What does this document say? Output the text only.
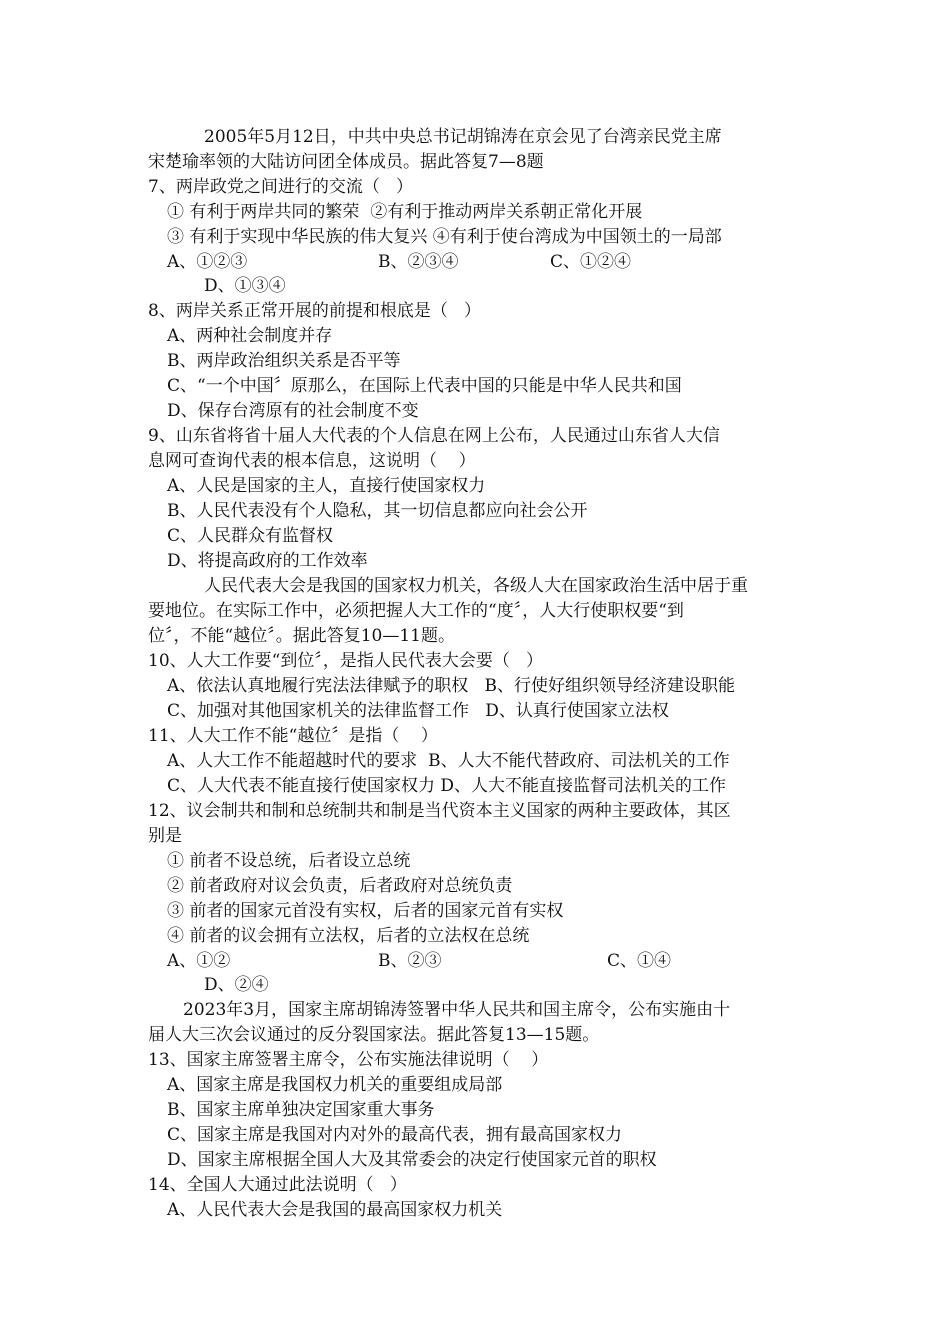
2005年5月12日，中共中央总书记胡锦涛在京会见了台湾亲民党主席
宋楚瑜率领的大陆访问团全体成员。据此答复7—8题
7、两岸政党之间进行的交流（   ）
① 有利于两岸共同的繁荣  ②有利于推动两岸关系朝正常化开展
③ 有利于实现中华民族的伟大复兴 ④有利于使台湾成为中国领土的一局部
A、①②③	B、②③④	C、①②④
D、①③④
8、两岸关系正常开展的前提和根底是（   ）
A、两种社会制度并存
B、两岸政治组织关系是否平等
C、“一个中国〞原那么，在国际上代表中国的只能是中华人民共和国
D、保存台湾原有的社会制度不变
9、山东省将省十届人大代表的个人信息在网上公布，人民通过山东省人大信
息网可查询代表的根本信息，这说明（    ）
A、人民是国家的主人，直接行使国家权力
B、人民代表没有个人隐私，其一切信息都应向社会公开
C、人民群众有监督权
D、将提高政府的工作效率
人民代表大会是我国的国家权力机关，各级人大在国家政治生活中居于重
要地位。在实际工作中，必须把握人大工作的“度〞，人大行使职权要“到
位〞，不能“越位〞。据此答复10—11题。
10、人大工作要“到位〞，是指人民代表大会要（   ）
A、依法认真地履行宪法法律赋予的职权   B、行使好组织领导经济建设职能
C、加强对其他国家机关的法律监督工作   D、认真行使国家立法权
11、人大工作不能“越位〞是指（    ）
A、人大工作不能超越时代的要求  B、人大不能代替政府、司法机关的工作
C、人大代表不能直接行使国家权力 D、人大不能直接监督司法机关的工作
12、议会制共和制和总统制共和制是当代资本主义国家的两种主要政体，其区
别是
① 前者不设总统，后者设立总统
② 前者政府对议会负责，后者政府对总统负责
③ 前者的国家元首没有实权，后者的国家元首有实权
④ 前者的议会拥有立法权，后者的立法权在总统
A、①②	B、②③	C、①④
D、②④
2023年3月，国家主席胡锦涛签署中华人民共和国主席令，公布实施由十
届人大三次会议通过的反分裂国家法。据此答复13—15题。
13、国家主席签署主席令，公布实施法律说明（    ）
A、国家主席是我国权力机关的重要组成局部
B、国家主席单独决定国家重大事务
C、国家主席是我国对内对外的最高代表，拥有最高国家权力
D、国家主席根据全国人大及其常委会的决定行使国家元首的职权
14、全国人大通过此法说明（   ）
A、人民代表大会是我国的最高国家权力机关
